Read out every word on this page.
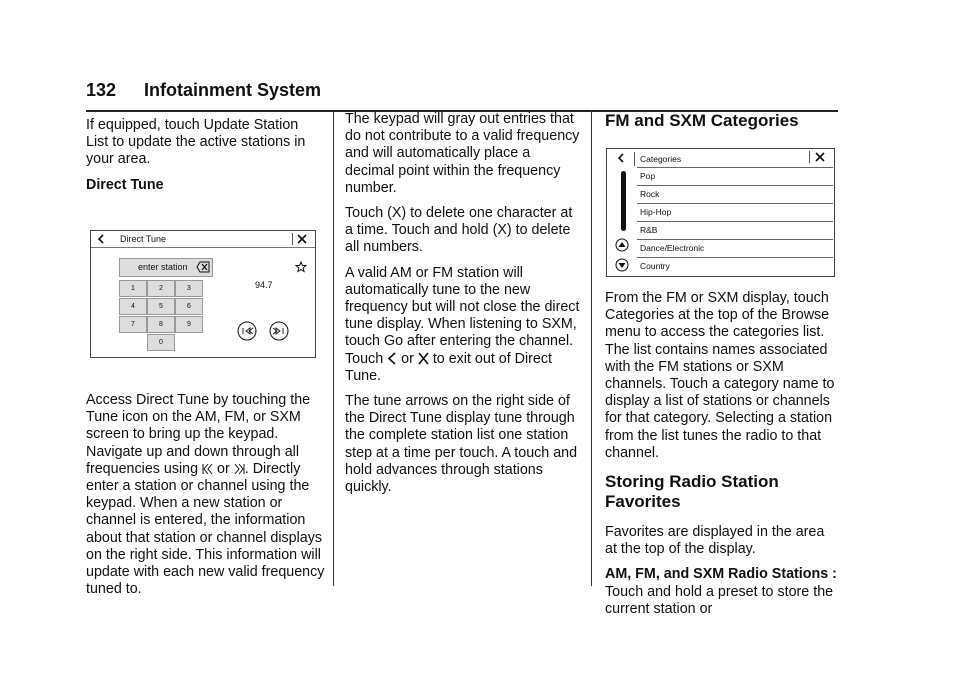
132 Infotainment System

If equipped, touch Update Station List to update the active stations in your area.

Direct Tune

Direct Tune
enter station
1	2	3
4	5	6
7	8	9
0
94.7

Access Direct Tune by touching the Tune icon on the AM, FM, or SXM screen to bring up the keypad. Navigate up and down through all frequencies using or . Directly enter a station or channel using the keypad. When a new station or channel is entered, the information about that station or channel displays on the right side. This information will update with each new valid frequency tuned to.

The keypad will gray out entries that do not contribute to a valid frequency and will automatically place a decimal point within the frequency number.

Touch (X) to delete one character at a time. Touch and hold (X) to delete all numbers.

A valid AM or FM station will automatically tune to the new frequency but will not close the direct tune display. When listening to SXM, touch Go after entering the channel. Touch or to exit out of Direct Tune.

The tune arrows on the right side of the Direct Tune display tune through the complete station list one station step at a time per touch. A touch and hold advances through stations quickly.

FM and SXM Categories
Categories
Pop
Rock
Hip-Hop
R&B
Dance/Electronic
Country

From the FM or SXM display, touch Categories at the top of the Browse menu to access the categories list. The list contains names associated with the FM stations or SXM channels. Touch a category name to display a list of stations or channels for that category. Selecting a station from the list tunes the radio to that channel.

Storing Radio Station Favorites

Favorites are displayed in the area at the top of the display.

AM, FM, and SXM Radio Stations : Touch and hold a preset to store the current station or
